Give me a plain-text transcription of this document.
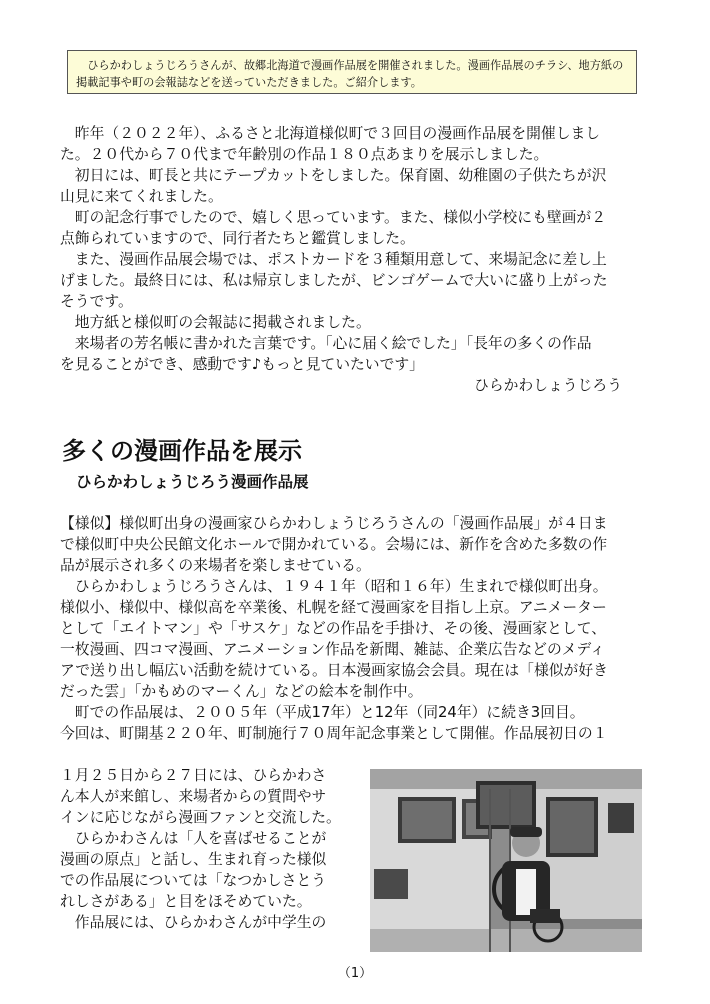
ひらかわしょうじろうさんが、故郷北海道で漫画作品展を開催されました。漫画作品展のチラシ、地方紙の掲載記事や町の会報誌などを送っていただきました。ご紹介します。

昨年（２０２２年）、ふるさと北海道様似町で３回目の漫画作品展を開催しまし

た。２０代から７０代まで年齢別の作品１８０点あまりを展示しました。

初日には、町長と共にテープカットをしました。保育園、幼稚園の子供たちが沢

山見に来てくれました。

町の記念行事でしたので、嬉しく思っています。また、様似小学校にも壁画が２

点飾られていますので、同行者たちと鑑賞しました。

また、漫画作品展会場では、ポストカードを３種類用意して、来場記念に差し上

げました。最終日には、私は帰京しましたが、ビンゴゲームで大いに盛り上がった

そうです。

地方紙と様似町の会報誌に掲載されました。

来場者の芳名帳に書かれた言葉です。「心に届く絵でした」「長年の多くの作品

を見ることができ、感動です♪もっと見ていたいです」

ひらかわしょうじろう

多くの漫画作品を展示
ひらかわしょうじろう漫画作品展

【様似】様似町出身の漫画家ひらかわしょうじろうさんの「漫画作品展」が４日ま

で様似町中央公民館文化ホールで開かれている。会場には、新作を含めた多数の作

品が展示され多くの来場者を楽しませている。

ひらかわしょうじろうさんは、１９４１年（昭和１６年）生まれで様似町出身。

様似小、様似中、様似高を卒業後、札幌を経て漫画家を目指し上京。アニメーター

として「エイトマン」や「サスケ」などの作品を手掛け、その後、漫画家として、

一枚漫画、四コマ漫画、アニメーション作品を新聞、雑誌、企業広告などのメディ

アで送り出し幅広い活動を続けている。日本漫画家協会会員。現在は「様似が好き

だった雲」「かもめのマーくん」などの絵本を制作中。

町での作品展は、２００５年（平成17年）と12年（同24年）に続き3回目。

今回は、町開基２２０年、町制施行７０周年記念事業として開催。作品展初日の１

１月２５日から２７日には、ひらかわさ

ん本人が来館し、来場者からの質問やサ

インに応じながら漫画ファンと交流した。

ひらかわさんは「人を喜ばせることが

漫画の原点」と話し、生まれ育った様似

での作品展については「なつかしさとう

れしさがある」と目をほそめていた。

作品展には、ひらかわさんが中学生の

（1）
